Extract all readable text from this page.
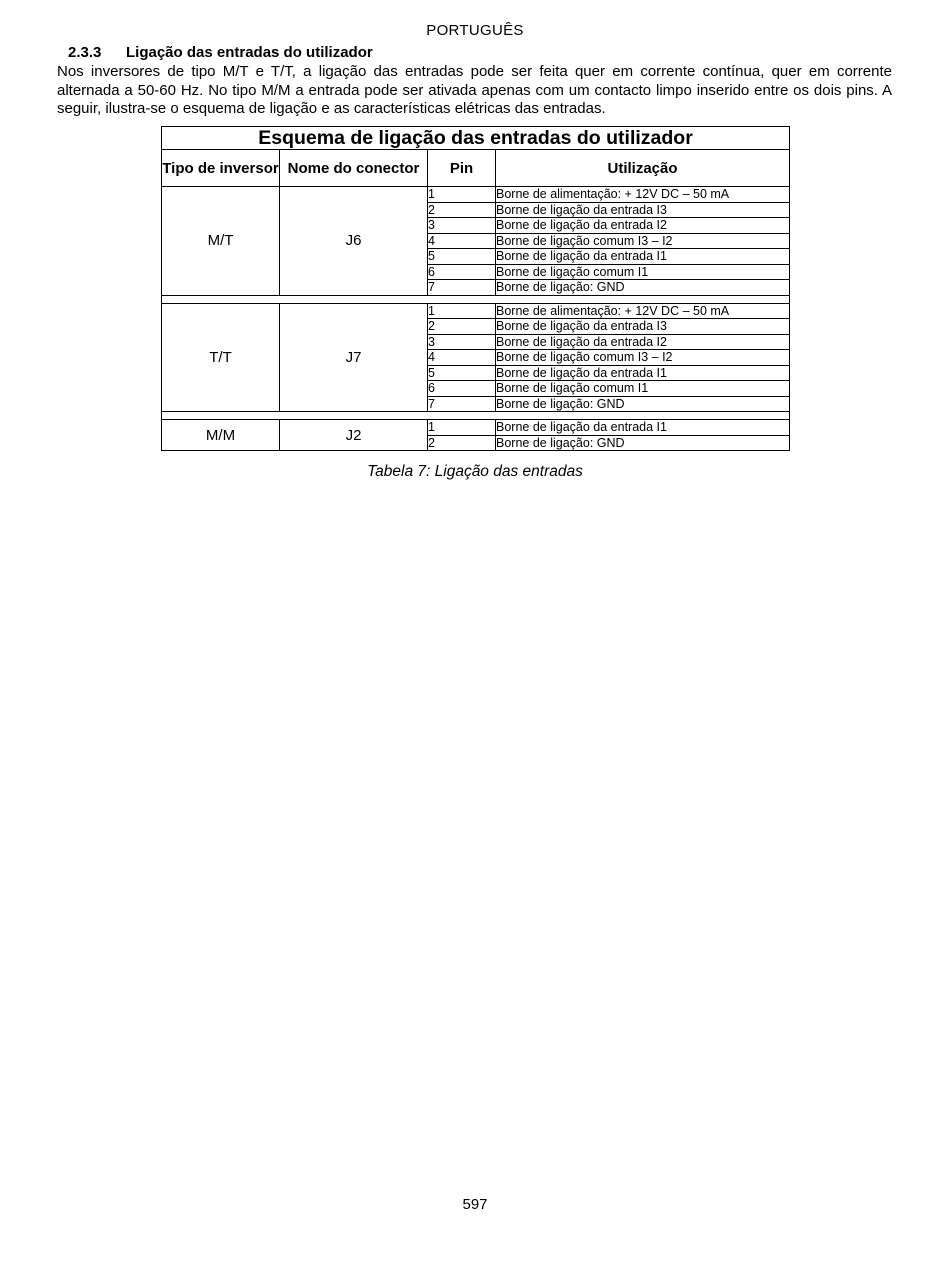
PORTUGUÊS
2.3.3 Ligação das entradas do utilizador
Nos inversores de tipo M/T e T/T, a ligação das entradas pode ser feita quer em corrente contínua, quer em corrente alternada a 50-60 Hz. No tipo M/M a entrada pode ser ativada apenas com um contacto limpo inserido entre os dois pins. A seguir, ilustra-se o esquema de ligação e as características elétricas das entradas.
Esquema de ligação das entradas do utilizador			
Tipo de inversor	Nome do conector	Pin	Utilização
M/T	J6	1	Borne de alimentação: + 12V DC – 50 mA
		2	Borne de ligação da entrada I3
		3	Borne de ligação da entrada I2
		4	Borne de ligação comum I3 – I2
		5	Borne de ligação da entrada I1
		6	Borne de ligação comum I1
		7	Borne de ligação: GND

T/T	J7	1	Borne de alimentação: + 12V DC – 50 mA
		2	Borne de ligação da entrada I3
		3	Borne de ligação da entrada I2
		4	Borne de ligação comum I3 – I2
		5	Borne de ligação da entrada I1
		6	Borne de ligação comum I1
		7	Borne de ligação: GND

M/M	J2	1	Borne de ligação da entrada I1
		2	Borne de ligação: GND
Tabela 7: Ligação das entradas
597
